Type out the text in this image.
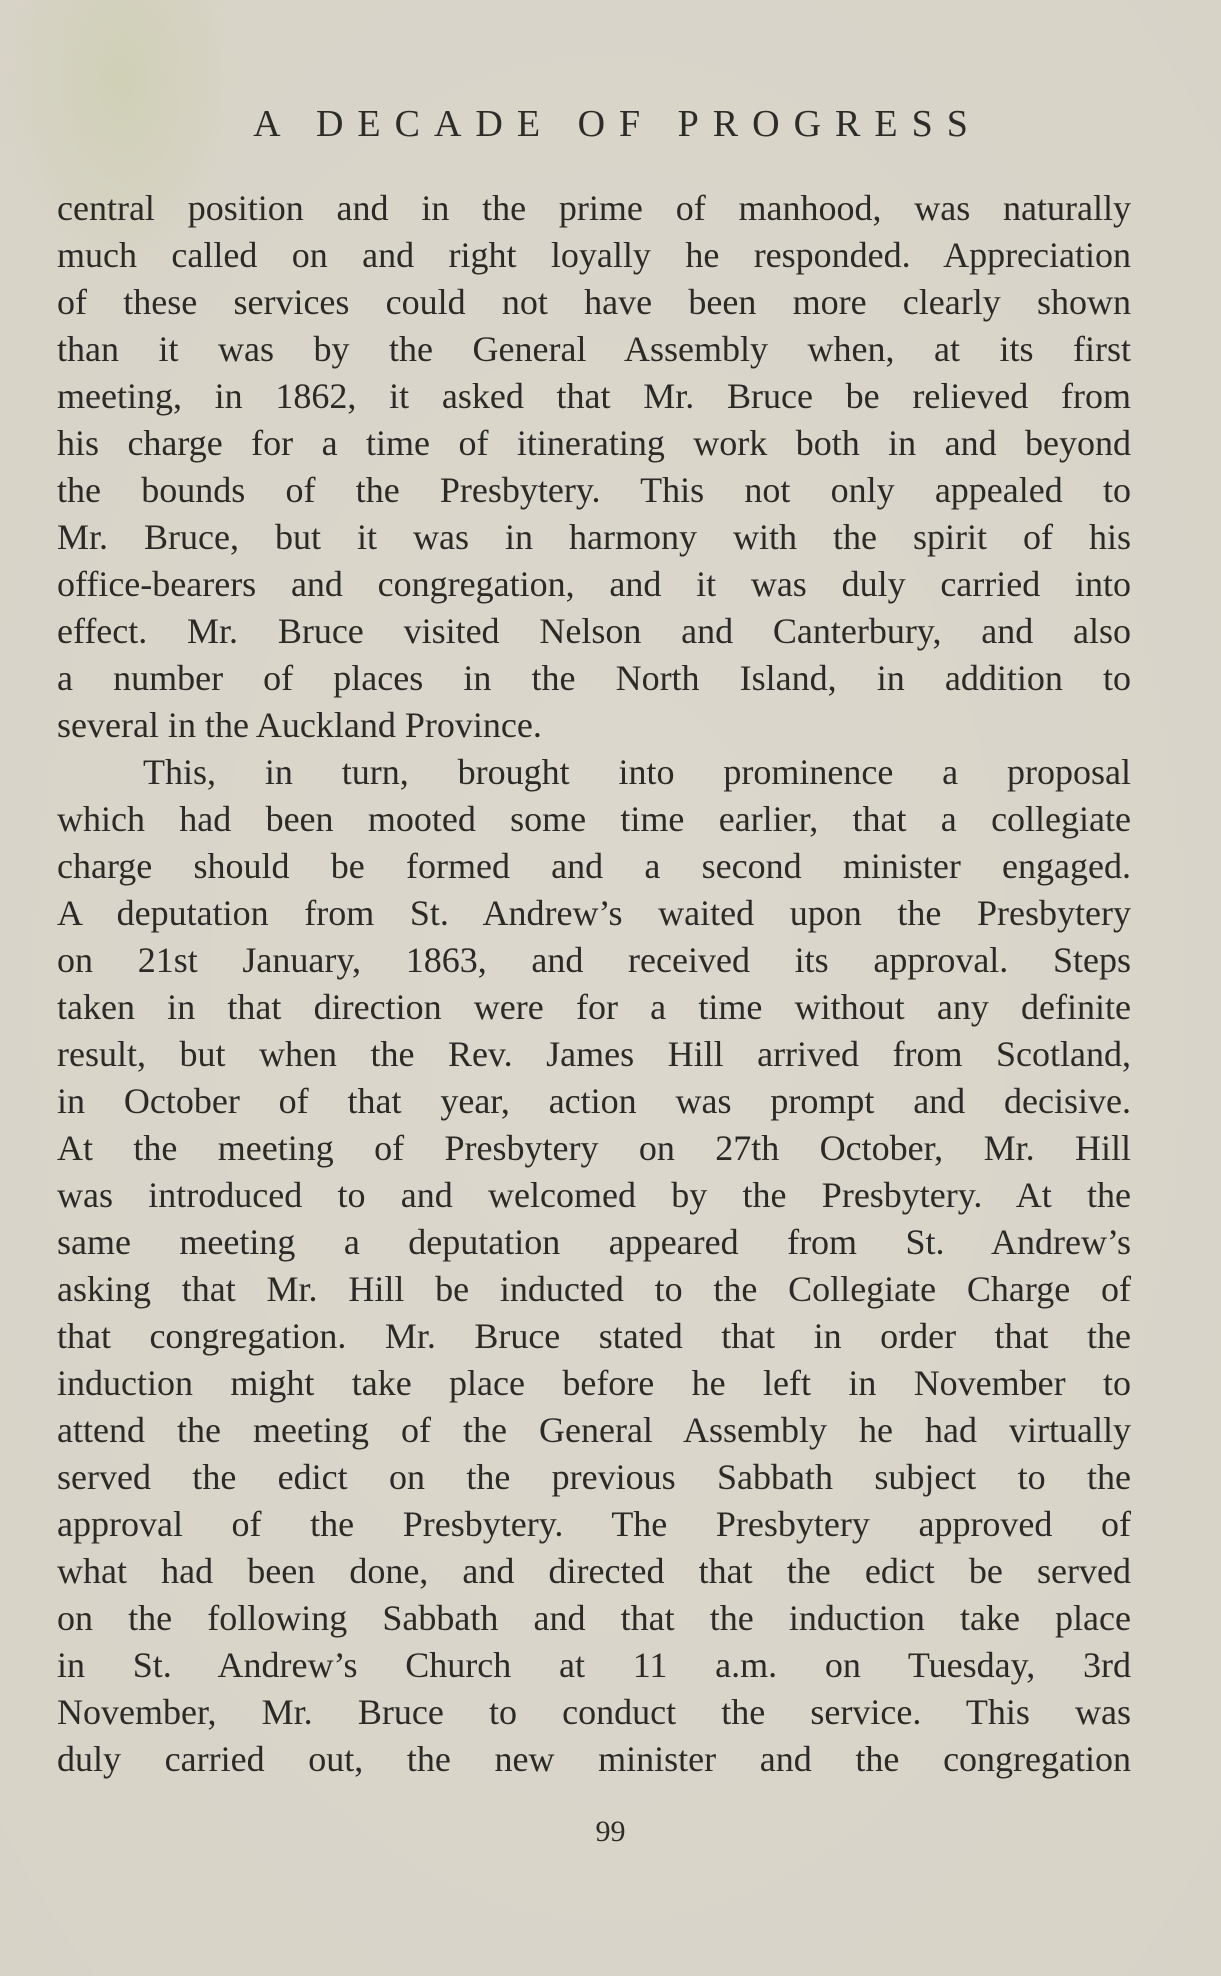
A DECADE OF PROGRESS
central position and in the prime of manhood, was naturally
much called on and right loyally he responded. Appreciation
of these services could not have been more clearly shown
than it was by the General Assembly when, at its first
meeting, in 1862, it asked that Mr. Bruce be relieved from
his charge for a time of itinerating work both in and beyond
the bounds of the Presbytery. This not only appealed to
Mr. Bruce, but it was in harmony with the spirit of his
office-bearers and congregation, and it was duly carried into
effect. Mr. Bruce visited Nelson and Canterbury, and also
a number of places in the North Island, in addition to
several in the Auckland Province.
This, in turn, brought into prominence a proposal
which had been mooted some time earlier, that a collegiate
charge should be formed and a second minister engaged.
A deputation from St. Andrew’s waited upon the Presbytery
on 21st January, 1863, and received its approval. Steps
taken in that direction were for a time without any definite
result, but when the Rev. James Hill arrived from Scotland,
in October of that year, action was prompt and decisive.
At the meeting of Presbytery on 27th October, Mr. Hill
was introduced to and welcomed by the Presbytery. At the
same meeting a deputation appeared from St. Andrew’s
asking that Mr. Hill be inducted to the Collegiate Charge of
that congregation. Mr. Bruce stated that in order that the
induction might take place before he left in November to
attend the meeting of the General Assembly he had virtually
served the edict on the previous Sabbath subject to the
approval of the Presbytery. The Presbytery approved of
what had been done, and directed that the edict be served
on the following Sabbath and that the induction take place
in St. Andrew’s Church at 11 a.m. on Tuesday, 3rd
November, Mr. Bruce to conduct the service. This was
duly carried out, the new minister and the congregation
99
